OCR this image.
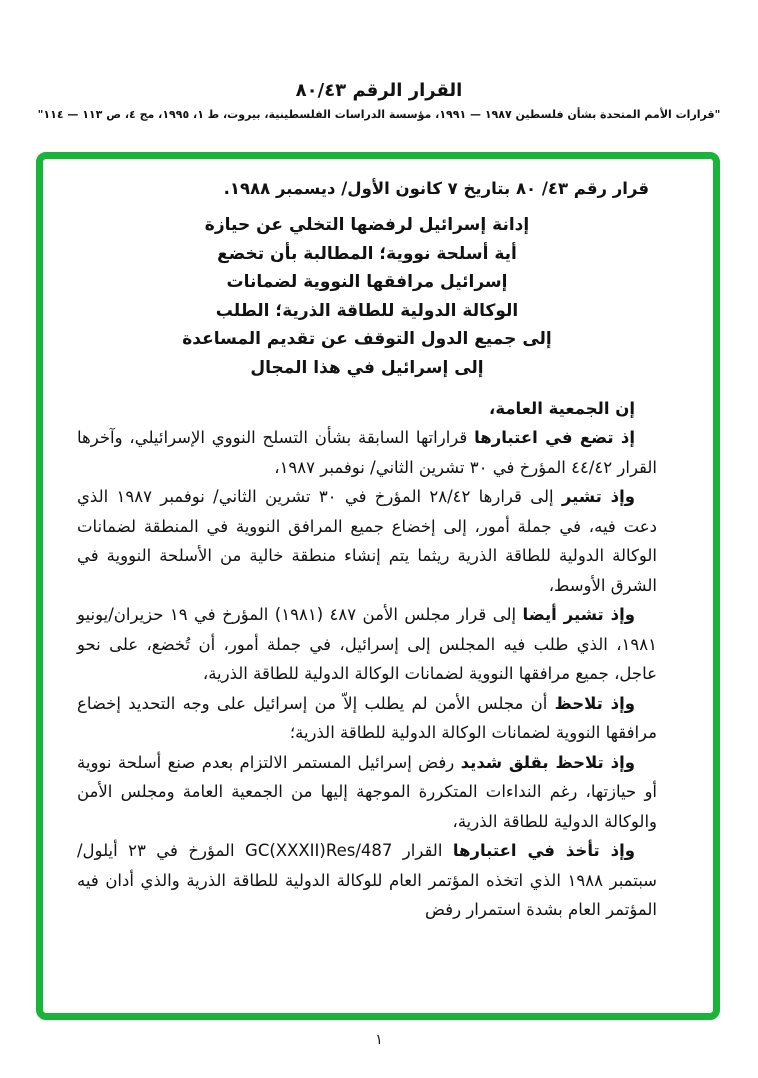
القرار الرقم ٨٠/٤٣

"قرارات الأمم المتحدة بشأن فلسطين ١٩٨٧ — ١٩٩١، مؤسسة الدراسات الفلسطينية، بيروت، ط ١، ١٩٩٥، مج ٤، ص ١١٣ — ١١٤"

قرار رقم ٤٣/ ٨٠ بتاريخ ٧ كانون الأول/ ديسمبر ١٩٨٨.

إدانة إسرائيل لرفضها التخلي عن حيازة
أية أسلحة نووية؛ المطالبة بأن تخضع
إسرائيل مرافقها النووية لضمانات
الوكالة الدولية للطاقة الذرية؛ الطلب
إلى جميع الدول التوقف عن تقديم المساعدة
إلى إسرائيل في هذا المجال

إن الجمعية العامة،

إذ تضع في اعتبارها قراراتها السابقة بشأن التسلح النووي الإسرائيلي، وآخرها القرار ٤٤/٤٢ المؤرخ في ٣٠ تشرين الثاني/ نوفمبر ١٩٨٧،

وإذ تشير إلى قرارها ٢٨/٤٢ المؤرخ في ٣٠ تشرين الثاني/ نوفمبر ١٩٨٧ الذي دعت فيه، في جملة أمور، إلى إخضاع جميع المرافق النووية في المنطقة لضمانات الوكالة الدولية للطاقة الذرية ريثما يتم إنشاء منطقة خالية من الأسلحة النووية في الشرق الأوسط،

وإذ تشير أيضا إلى قرار مجلس الأمن ٤٨٧ (١٩٨١) المؤرخ في ١٩ حزيران/يونيو ١٩٨١، الذي طلب فيه المجلس إلى إسرائيل، في جملة أمور، أن تُخضع، على نحو عاجل، جميع مرافقها النووية لضمانات الوكالة الدولية للطاقة الذرية،

وإذ تلاحظ أن مجلس الأمن لم يطلب إلاّ من إسرائيل على وجه التحديد إخضاع مرافقها النووية لضمانات الوكالة الدولية للطاقة الذرية؛

وإذ تلاحظ بقلق شديد رفض إسرائيل المستمر الالتزام بعدم صنع أسلحة نووية أو حيازتها، رغم النداءات المتكررة الموجهة إليها من الجمعية العامة ومجلس الأمن والوكالة الدولية للطاقة الذرية،

وإذ تأخذ في اعتبارها القرار GC(XXXII)Res/487 المؤرخ في ٢٣ أيلول/سبتمبر ١٩٨٨ الذي اتخذه المؤتمر العام للوكالة الدولية للطاقة الذرية والذي أدان فيه المؤتمر العام بشدة استمرار رفض

١
